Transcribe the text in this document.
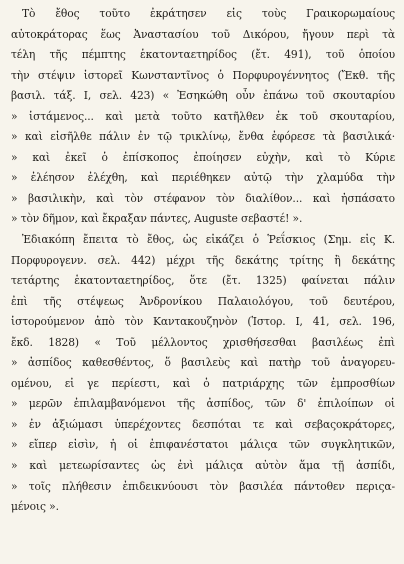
Τὸ ἔθος τοῦτο ἐκράτησεν εἰς τοὺς Γραικορωμαίους
αὐτοκράτορας ἕως Ἀναστασίου τοῦ Δικόρου, ἤγουν περὶ τὰ
τέλη τῆς πέμπτης ἑκατονταετηρίδος (ἔτ. 491), τοῦ ὁποίου
τὴν στέψιν ἱστορεῖ Κωνσταντῖνος ὁ Πορφυρογέννητος (Ἔκθ. τῆς
βασιλ. τάξ. Ι, σελ. 423) « Ἐσηκώθη οὖν ἐπάνω τοῦ σκουταρίου
» ἱστάμενος... καὶ μετὰ τοῦτο κατῆλθεν ἐκ τοῦ σκουταρίου,
» καὶ εἰσῆλθε πάλιν ἐν τῷ τρικλίνῳ, ἔνθα ἐφόρεσε τὰ βασιλικά·
» καὶ ἐκεῖ ὁ ἐπίσκοπος ἐποίησεν εὐχὴν, καὶ τὸ Κύριε
» ἐλέησον ἐλέχθη, καὶ περιέθηκεν αὐτῷ τὴν χλαμύδα τὴν
» βασιλικὴν, καὶ τὸν στέφανον τὸν διαλίθον... καὶ ἠσπάσατο
» τὸν δῆμον, καὶ ἔκραξαν πάντες, Auguste σεβαστέ! ».
Ἐδιακόπη ἔπειτα τὸ ἔθος, ὡς εἰκάζει ὁ Ῥεΐσκιος (Σημ. εἰς Κ.
Πορφυρογενν. σελ. 442) μέχρι τῆς δεκάτης τρίτης ἢ δεκάτης
τετάρτης ἑκατονταετηρίδος, ὅτε (ἔτ. 1325) φαίνεται πάλιν
ἐπὶ τῆς στέψεως Ἀνδρονίκου Παλαιολόγου, τοῦ δευτέρου,
ἱστορούμενον ἀπὸ τὸν Καντακουζηνὸν (Ἱστορ. Ι, 41, σελ. 196,
ἔκδ. 1828) « Τοῦ μέλλοντος χρισθήσεσθαι βασιλέως ἐπὶ
» ἀσπίδος καθεσθέντος, ὅ βασιλεὺς καὶ πατὴρ τοῦ ἀναγορευ-
ομένου, εἰ γε περίεστι, καὶ ὁ πατριάρχης τῶν ἐμπροσθίων
» μερῶν ἐπιλαμβανόμενοι τῆς ἀσπίδος, τῶν δ' ἐπιλοίπων οἱ
» ἐν ἀξιώμασι ὑπερέχοντες δεσπόται τε καὶ σεβαςοκράτορες,
» εἴπερ εἰσὶν, ἡ οἱ ἐπιφανέστατοι μάλιςα τῶν συγκλητικῶν,
» καὶ μετεωρίσαντες ὡς ἐνὶ μάλιςα αὐτὸν ἅμα τῇ ἀσπίδι,
» τοῖς πλήθεσιν ἐπιδεικνύουσι τὸν βασιλέα πάντοθεν περιςα-
μένοις ».
